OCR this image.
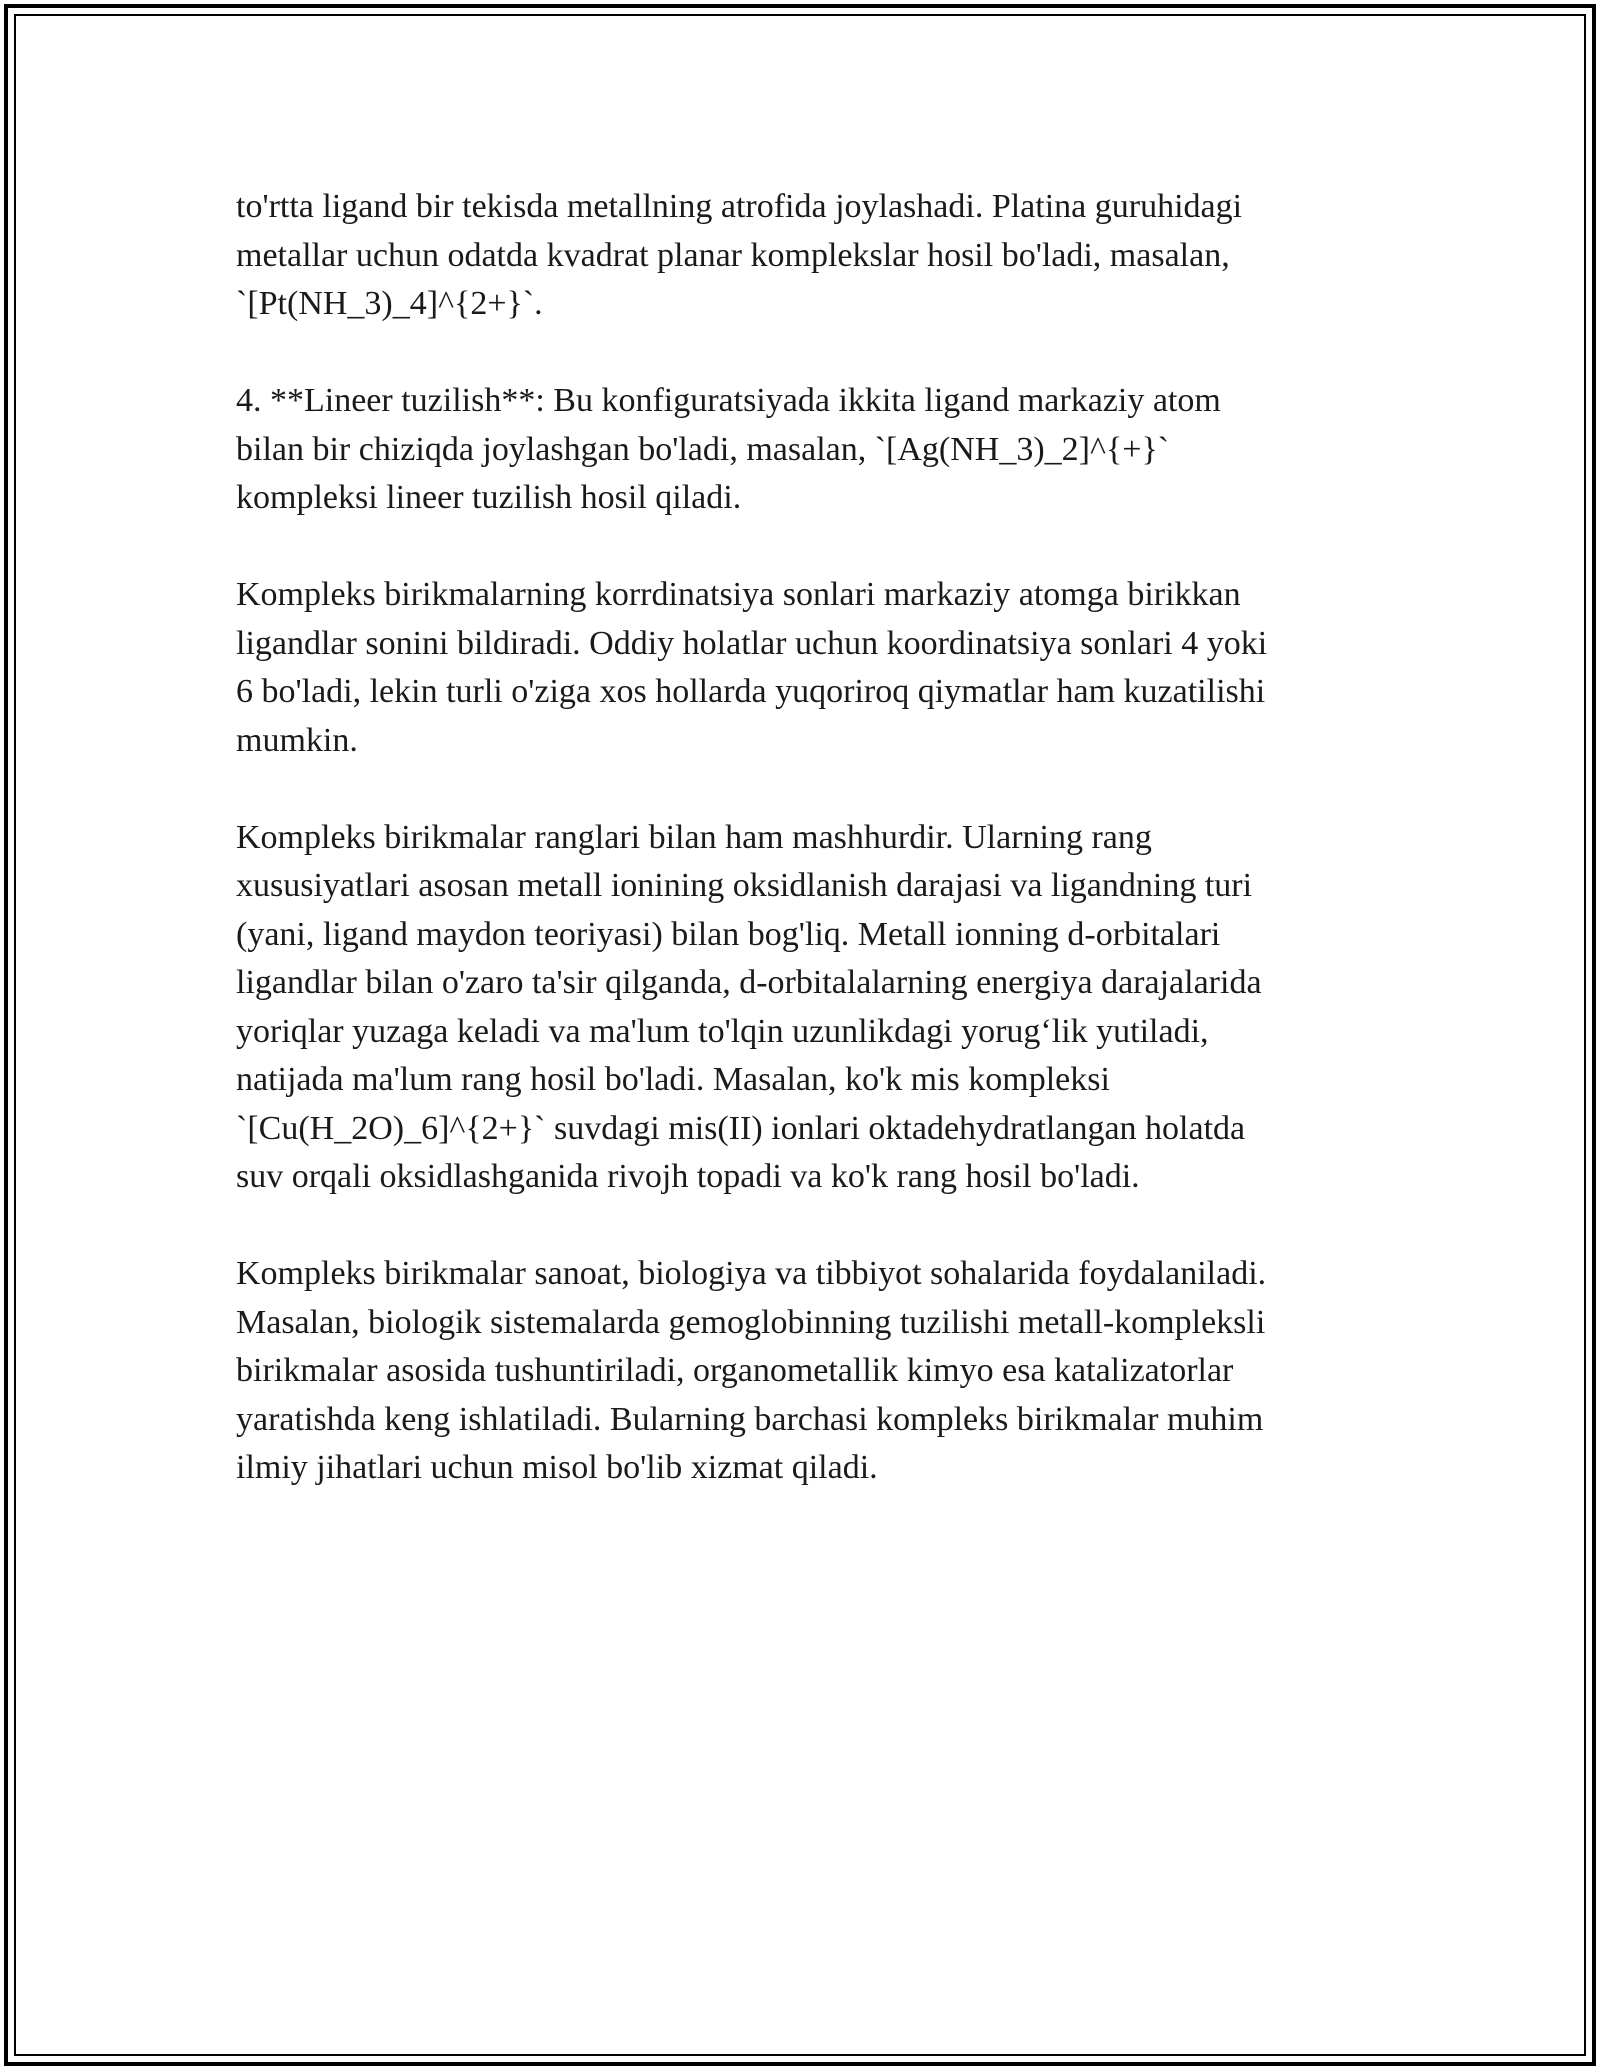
to'rtta ligand bir tekisda metallning atrofida joylashadi. Platina guruhidagi
metallar uchun odatda kvadrat planar komplekslar hosil bo'ladi, masalan,
`[Pt(NH_3)_4]^{2+}`.

4. **Lineer tuzilish**: Bu konfiguratsiyada ikkita ligand markaziy atom
bilan bir chiziqda joylashgan bo'ladi, masalan, `[Ag(NH_3)_2]^{+}`
kompleksi lineer tuzilish hosil qiladi.

Kompleks birikmalarning korrdinatsiya sonlari markaziy atomga birikkan
ligandlar sonini bildiradi. Oddiy holatlar uchun koordinatsiya sonlari 4 yoki
6 bo'ladi, lekin turli o'ziga xos hollarda yuqoriroq qiymatlar ham kuzatilishi
mumkin.

Kompleks birikmalar ranglari bilan ham mashhurdir. Ularning rang
xususiyatlari asosan metall ionining oksidlanish darajasi va ligandning turi
(yani, ligand maydon teoriyasi) bilan bog'liq. Metall ionning d-orbitalari
ligandlar bilan o'zaro ta'sir qilganda, d-orbitalalarning energiya darajalarida
yoriqlar yuzaga keladi va ma'lum to'lqin uzunlikdagi yorug‘lik yutiladi,
natijada ma'lum rang hosil bo'ladi. Masalan, ko'k mis kompleksi
`[Cu(H_2O)_6]^{2+}` suvdagi mis(II) ionlari oktadehydratlangan holatda
suv orqali oksidlashganida rivojh topadi va ko'k rang hosil bo'ladi.

Kompleks birikmalar sanoat, biologiya va tibbiyot sohalarida foydalaniladi.
Masalan, biologik sistemalarda gemoglobinning tuzilishi metall-kompleksli
birikmalar asosida tushuntiriladi, organometallik kimyo esa katalizatorlar
yaratishda keng ishlatiladi. Bularning barchasi kompleks birikmalar muhim
ilmiy jihatlari uchun misol bo'lib xizmat qiladi.
